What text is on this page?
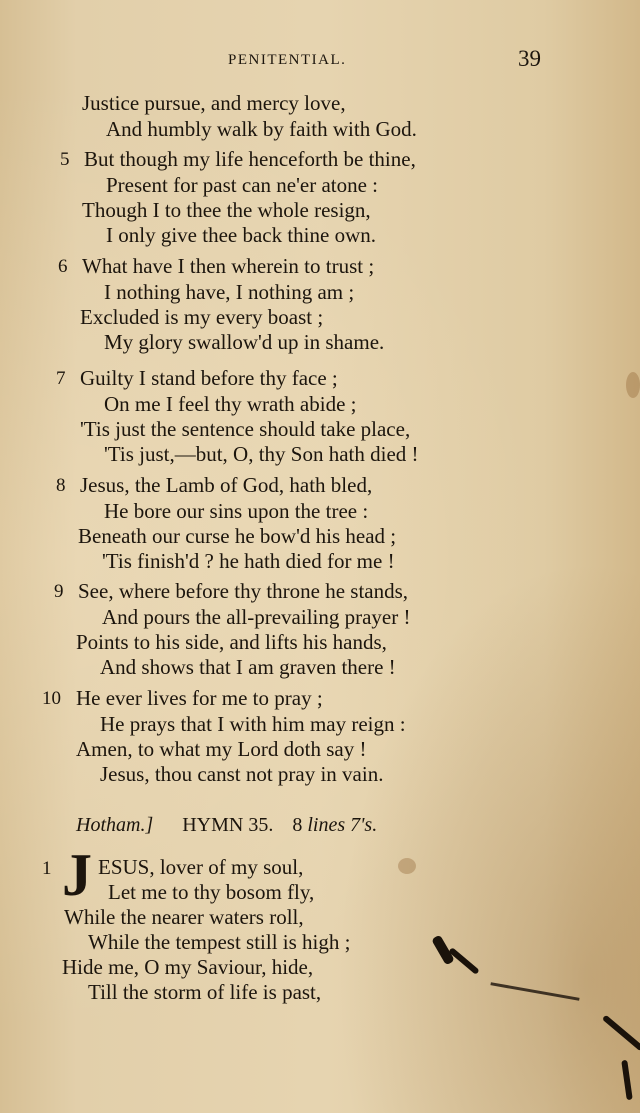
PENITENTIAL.	39
Justice pursue, and mercy love,
And humbly walk by faith with God.
5 But though my life henceforth be thine,
Present for past can ne'er atone :
Though I to thee the whole resign,
I only give thee back thine own.
6 What have I then wherein to trust ;
I nothing have, I nothing am ;
Excluded is my every boast ;
My glory swallow'd up in shame.
7 Guilty I stand before thy face ;
On me I feel thy wrath abide ;
'Tis just the sentence should take place,
'Tis just,—but, O, thy Son hath died !
8 Jesus, the Lamb of God, hath bled,
He bore our sins upon the tree :
Beneath our curse he bow'd his head ;
'Tis finish'd ? he hath died for me !
9 See, where before thy throne he stands,
And pours the all-prevailing prayer !
Points to his side, and lifts his hands,
And shows that I am graven there !
10 He ever lives for me to pray ;
He prays that I with him may reign :
Amen, to what my Lord doth say !
Jesus, thou canst not pray in vain.
Hotham.] HYMN 35. 8 lines 7's.
1 J ESUS, lover of my soul,
Let me to thy bosom fly,
While the nearer waters roll,
While the tempest still is high ;
Hide me, O my Saviour, hide,
Till the storm of life is past,
